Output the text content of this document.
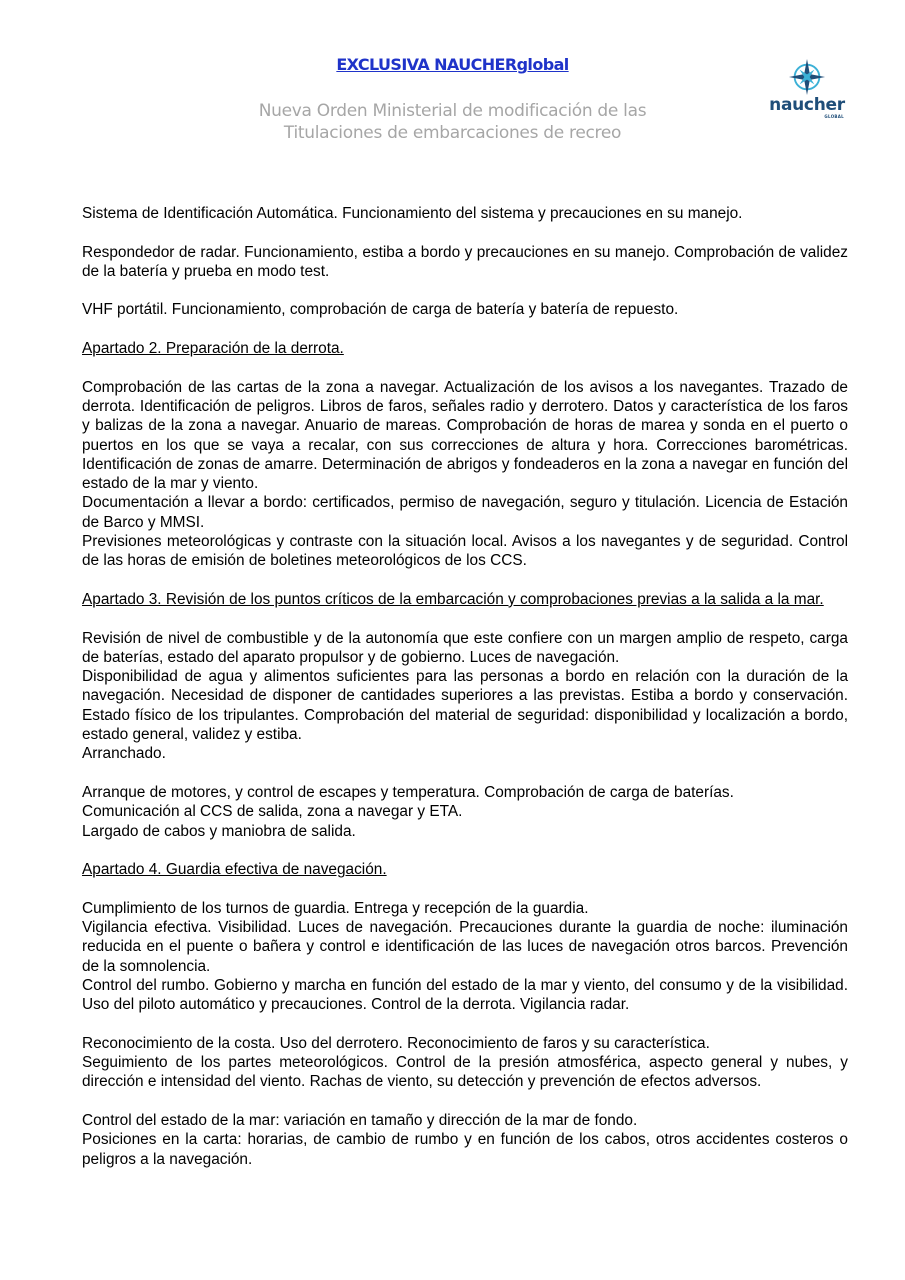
EXCLUSIVA NAUCHERglobal
Nueva Orden Ministerial de modificación de las
Titulaciones de embarcaciones de recreo
naucher
GLOBAL

Sistema de Identificación Automática. Funcionamiento del sistema y precauciones en su manejo.

Respondedor de radar. Funcionamiento, estiba a bordo y precauciones en su manejo. Comprobación de validez de la batería y prueba en modo test.

VHF portátil. Funcionamiento, comprobación de carga de batería y batería de repuesto.

Apartado 2. Preparación de la derrota.

Comprobación de las cartas de la zona a navegar. Actualización de los avisos a los navegantes. Trazado de derrota. Identificación de peligros. Libros de faros, señales radio y derrotero. Datos y característica de los faros y balizas de la zona a navegar. Anuario de mareas. Comprobación de horas de marea y sonda en el puerto o puertos en los que se vaya a recalar, con sus correcciones de altura y hora. Correcciones barométricas. Identificación de zonas de amarre. Determinación de abrigos y fondeaderos en la zona a navegar en función del estado de la mar y viento.

Documentación a llevar a bordo: certificados, permiso de navegación, seguro y titulación. Licencia de Estación de Barco y MMSI.

Previsiones meteorológicas y contraste con la situación local. Avisos a los navegantes y de seguridad. Control de las horas de emisión de boletines meteorológicos de los CCS.

Apartado 3. Revisión de los puntos críticos de la embarcación y comprobaciones previas a la salida a la mar.

Revisión de nivel de combustible y de la autonomía que este confiere con un margen amplio de respeto, carga de baterías, estado del aparato propulsor y de gobierno. Luces de navegación.

Disponibilidad de agua y alimentos suficientes para las personas a bordo en relación con la duración de la navegación. Necesidad de disponer de cantidades superiores a las previstas. Estiba a bordo y conservación. Estado físico de los tripulantes. Comprobación del material de seguridad: disponibilidad y localización a bordo, estado general, validez y estiba.

Arranchado.

Arranque de motores, y control de escapes y temperatura. Comprobación de carga de baterías.

Comunicación al CCS de salida, zona a navegar y ETA.

Largado de cabos y maniobra de salida.

Apartado 4. Guardia efectiva de navegación.

Cumplimiento de los turnos de guardia. Entrega y recepción de la guardia.

Vigilancia efectiva. Visibilidad. Luces de navegación. Precauciones durante la guardia de noche: iluminación reducida en el puente o bañera y control e identificación de las luces de navegación otros barcos. Prevención de la somnolencia.

Control del rumbo. Gobierno y marcha en función del estado de la mar y viento, del consumo y de la visibilidad. Uso del piloto automático y precauciones. Control de la derrota. Vigilancia radar.

Reconocimiento de la costa. Uso del derrotero. Reconocimiento de faros y su característica.

Seguimiento de los partes meteorológicos. Control de la presión atmosférica, aspecto general y nubes, y dirección e intensidad del viento. Rachas de viento, su detección y prevención de efectos adversos.

Control del estado de la mar: variación en tamaño y dirección de la mar de fondo.

Posiciones en la carta: horarias, de cambio de rumbo y en función de los cabos, otros accidentes costeros o peligros a la navegación.
